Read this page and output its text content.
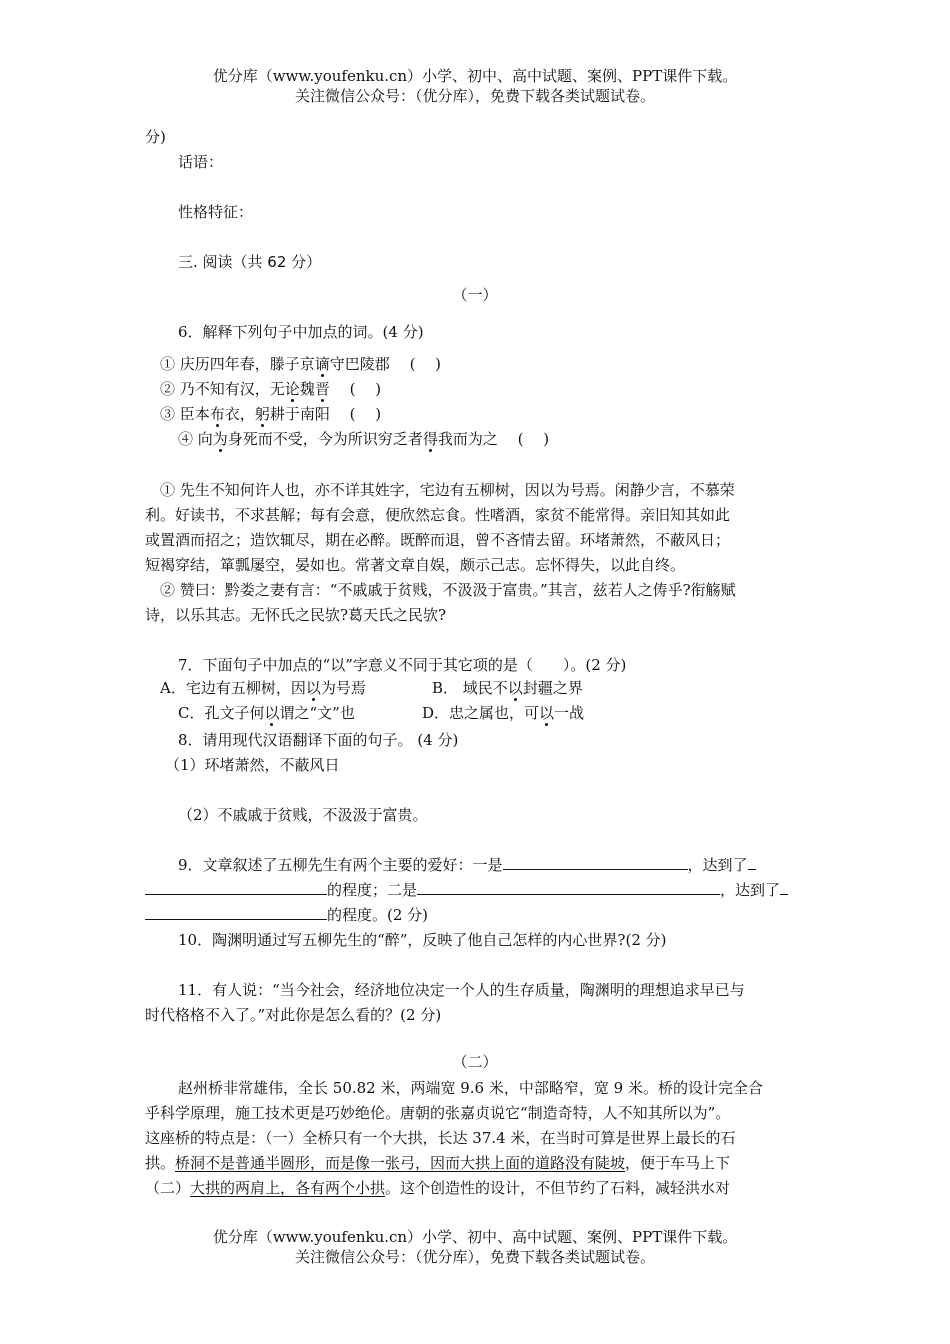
优分库（www.youfenku.cn）小学、初中、高中试题、案例、PPT课件下载。
关注微信公众号：（优分库），免费下载各类试题试卷。
分)
话语：
性格特征：
三. 阅读（共 62 分）
（一）
6．解释下列句子中加点的词。(4 分)
① 庆历四年春，滕子京谪守巴陵郡　 (　 )
② 乃不知有汉，无论魏晋　 (　 )
③ 臣本布衣，躬耕于南阳　 (　 )
④ 向为身死而不受，今为所识穷乏者得我而为之　 (　 )
① 先生不知何许人也，亦不详其姓字，宅边有五柳树，因以为号焉。闲静少言，不慕荣
利。好读书，不求甚解；每有会意，便欣然忘食。性嗜酒，家贫不能常得。亲旧知其如此
或置酒而招之；造饮辄尽，期在必醉。既醉而退，曾不吝情去留。环堵萧然，不蔽风日；
短褐穿结，箪瓢屡空，晏如也。常著文章自娱，颇示己志。忘怀得失，以此自终。
② 赞曰：黔娄之妻有言：“不戚戚于贫贱，不汲汲于富贵。”其言，兹若人之俦乎?衔觞赋
诗，以乐其志。无怀氏之民欤?葛天氏之民欤?
7．下面句子中加点的“以”字意义不同于其它项的是（　　）。(2 分)
A．宅边有五柳树，因以为号焉	B． 域民不以封疆之界
C．孔文子何以谓之“文”也	D．忠之属也，可以一战
8．请用现代汉语翻译下面的句子。 (4 分)
（1）环堵萧然，不蔽风日
（2）不戚戚于贫贱，不汲汲于富贵。
9．文章叙述了五柳先生有两个主要的爱好：一是	，达到了
的程度；二是	，达到了
的程度。(2 分)
10．陶渊明通过写五柳先生的“醉”，反映了他自己怎样的内心世界?(2 分)
11．有人说：“当今社会，经济地位决定一个人的生存质量，陶渊明的理想追求早已与
时代格格不入了。”对此你是怎么看的？(2 分)
（二）
赵州桥非常雄伟，全长 50.82 米，两端宽 9.6 米，中部略窄，宽 9 米。桥的设计完全合
乎科学原理，施工技术更是巧妙绝伦。唐朝的张嘉贞说它“制造奇特，人不知其所以为”。
这座桥的特点是：（一）全桥只有一个大拱，长达 37.4 米，在当时可算是世界上最长的石
拱。桥洞不是普通半圆形，而是像一张弓，因而大拱上面的道路没有陡坡，便于车马上下
（二）大拱的两肩上，各有两个小拱。这个创造性的设计，不但节约了石料，减轻洪水对
优分库（www.youfenku.cn）小学、初中、高中试题、案例、PPT课件下载。
关注微信公众号：（优分库），免费下载各类试题试卷。
